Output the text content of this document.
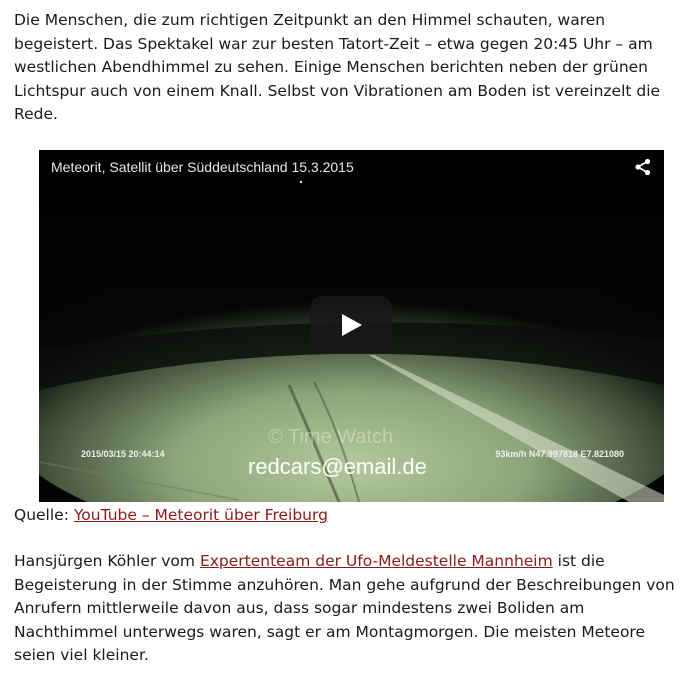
Die Menschen, die zum richtigen Zeitpunkt an den Himmel schauten, waren begeistert. Das Spektakel war zur besten Tatort-Zeit – etwa gegen 20:45 Uhr – am westlichen Abendhimmel zu sehen. Einige Menschen berichten neben der grünen Lichtspur auch von einem Knall. Selbst von Vibrationen am Boden ist vereinzelt die Rede.

Meteorit, Satellit über Süddeutschland 15.3.2015
© Time Watch
2015/03/15 20:44:14	93km/h N47.997818 E7.821080
redcars@email.de

Quelle: YouTube – Meteorit über Freiburg

Hansjürgen Köhler vom Expertenteam der Ufo-Meldestelle Mannheim ist die Begeisterung in der Stimme anzuhören. Man gehe aufgrund der Beschreibungen von Anrufern mittlerweile davon aus, dass sogar mindestens zwei Boliden am Nachthimmel unterwegs waren, sagt er am Montagmorgen. Die meisten Meteore seien viel kleiner.
